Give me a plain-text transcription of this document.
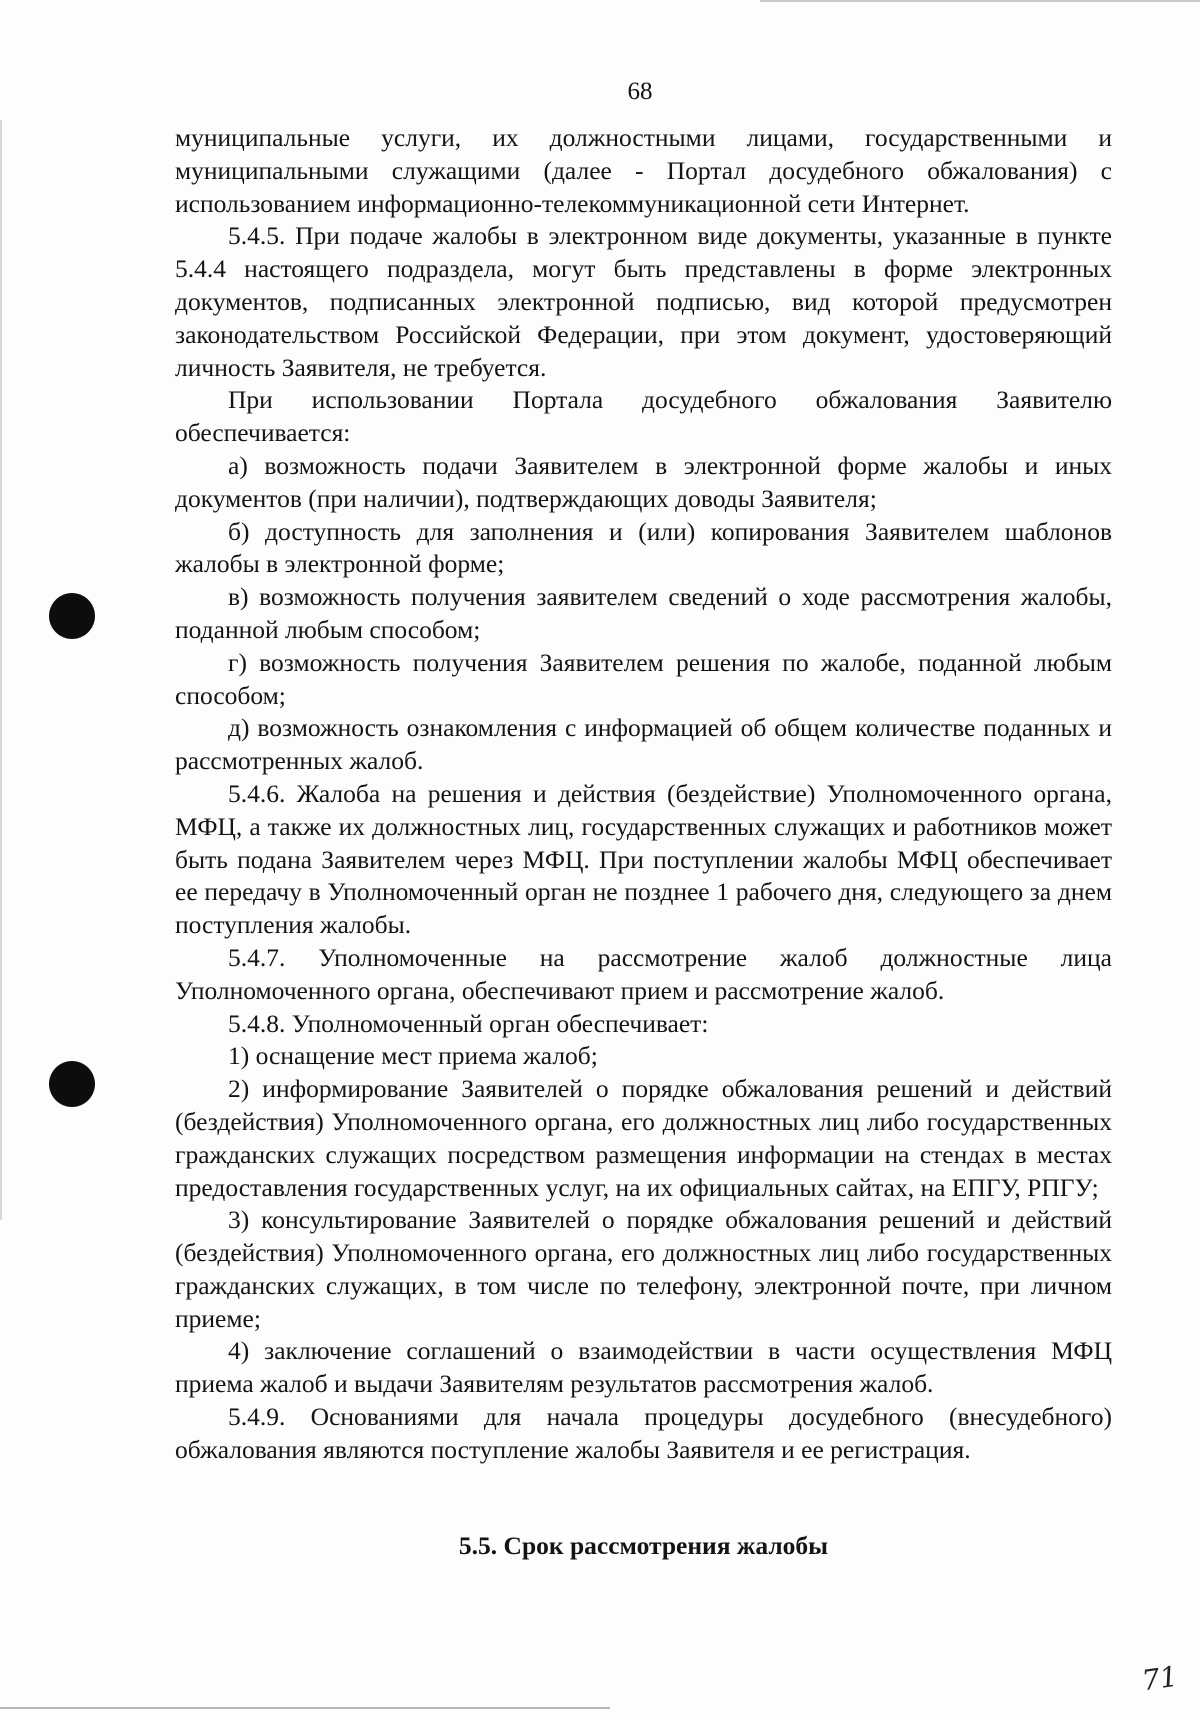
68

муниципальные услуги, их должностными лицами, государственными и муниципальными служащими (далее - Портал досудебного обжалования) с использованием информационно-телекоммуникационной сети Интернет.

5.4.5. При подаче жалобы в электронном виде документы, указанные в пункте 5.4.4 настоящего подраздела, могут быть представлены в форме электронных документов, подписанных электронной подписью, вид которой предусмотрен законодательством Российской Федерации, при этом документ, удостоверяющий личность Заявителя, не требуется.

При использовании Портала досудебного обжалования Заявителю обеспечивается:

а) возможность подачи Заявителем в электронной форме жалобы и иных документов (при наличии), подтверждающих доводы Заявителя;

б) доступность для заполнения и (или) копирования Заявителем шаблонов жалобы в электронной форме;

в) возможность получения заявителем сведений о ходе рассмотрения жалобы, поданной любым способом;

г) возможность получения Заявителем решения по жалобе, поданной любым способом;

д) возможность ознакомления с информацией об общем количестве поданных и рассмотренных жалоб.

5.4.6. Жалоба на решения и действия (бездействие) Уполномоченного органа, МФЦ, а также их должностных лиц, государственных служащих и работников может быть подана Заявителем через МФЦ. При поступлении жалобы МФЦ обеспечивает ее передачу в Уполномоченный орган не позднее 1 рабочего дня, следующего за днем поступления жалобы.

5.4.7. Уполномоченные на рассмотрение жалоб должностные лица Уполномоченного органа, обеспечивают прием и рассмотрение жалоб.

5.4.8. Уполномоченный орган обеспечивает:

1) оснащение мест приема жалоб;

2) информирование Заявителей о порядке обжалования решений и действий (бездействия) Уполномоченного органа, его должностных лиц либо государственных гражданских служащих посредством размещения информации на стендах в местах предоставления государственных услуг, на их официальных сайтах, на ЕПГУ, РПГУ;

3) консультирование Заявителей о порядке обжалования решений и действий (бездействия) Уполномоченного органа, его должностных лиц либо государственных гражданских служащих, в том числе по телефону, электронной почте, при личном приеме;

4) заключение соглашений о взаимодействии в части осуществления МФЦ приема жалоб и выдачи Заявителям результатов рассмотрения жалоб.

5.4.9. Основаниями для начала процедуры досудебного (внесудебного) обжалования являются поступление жалобы Заявителя и ее регистрация.

5.5. Срок рассмотрения жалобы
71
